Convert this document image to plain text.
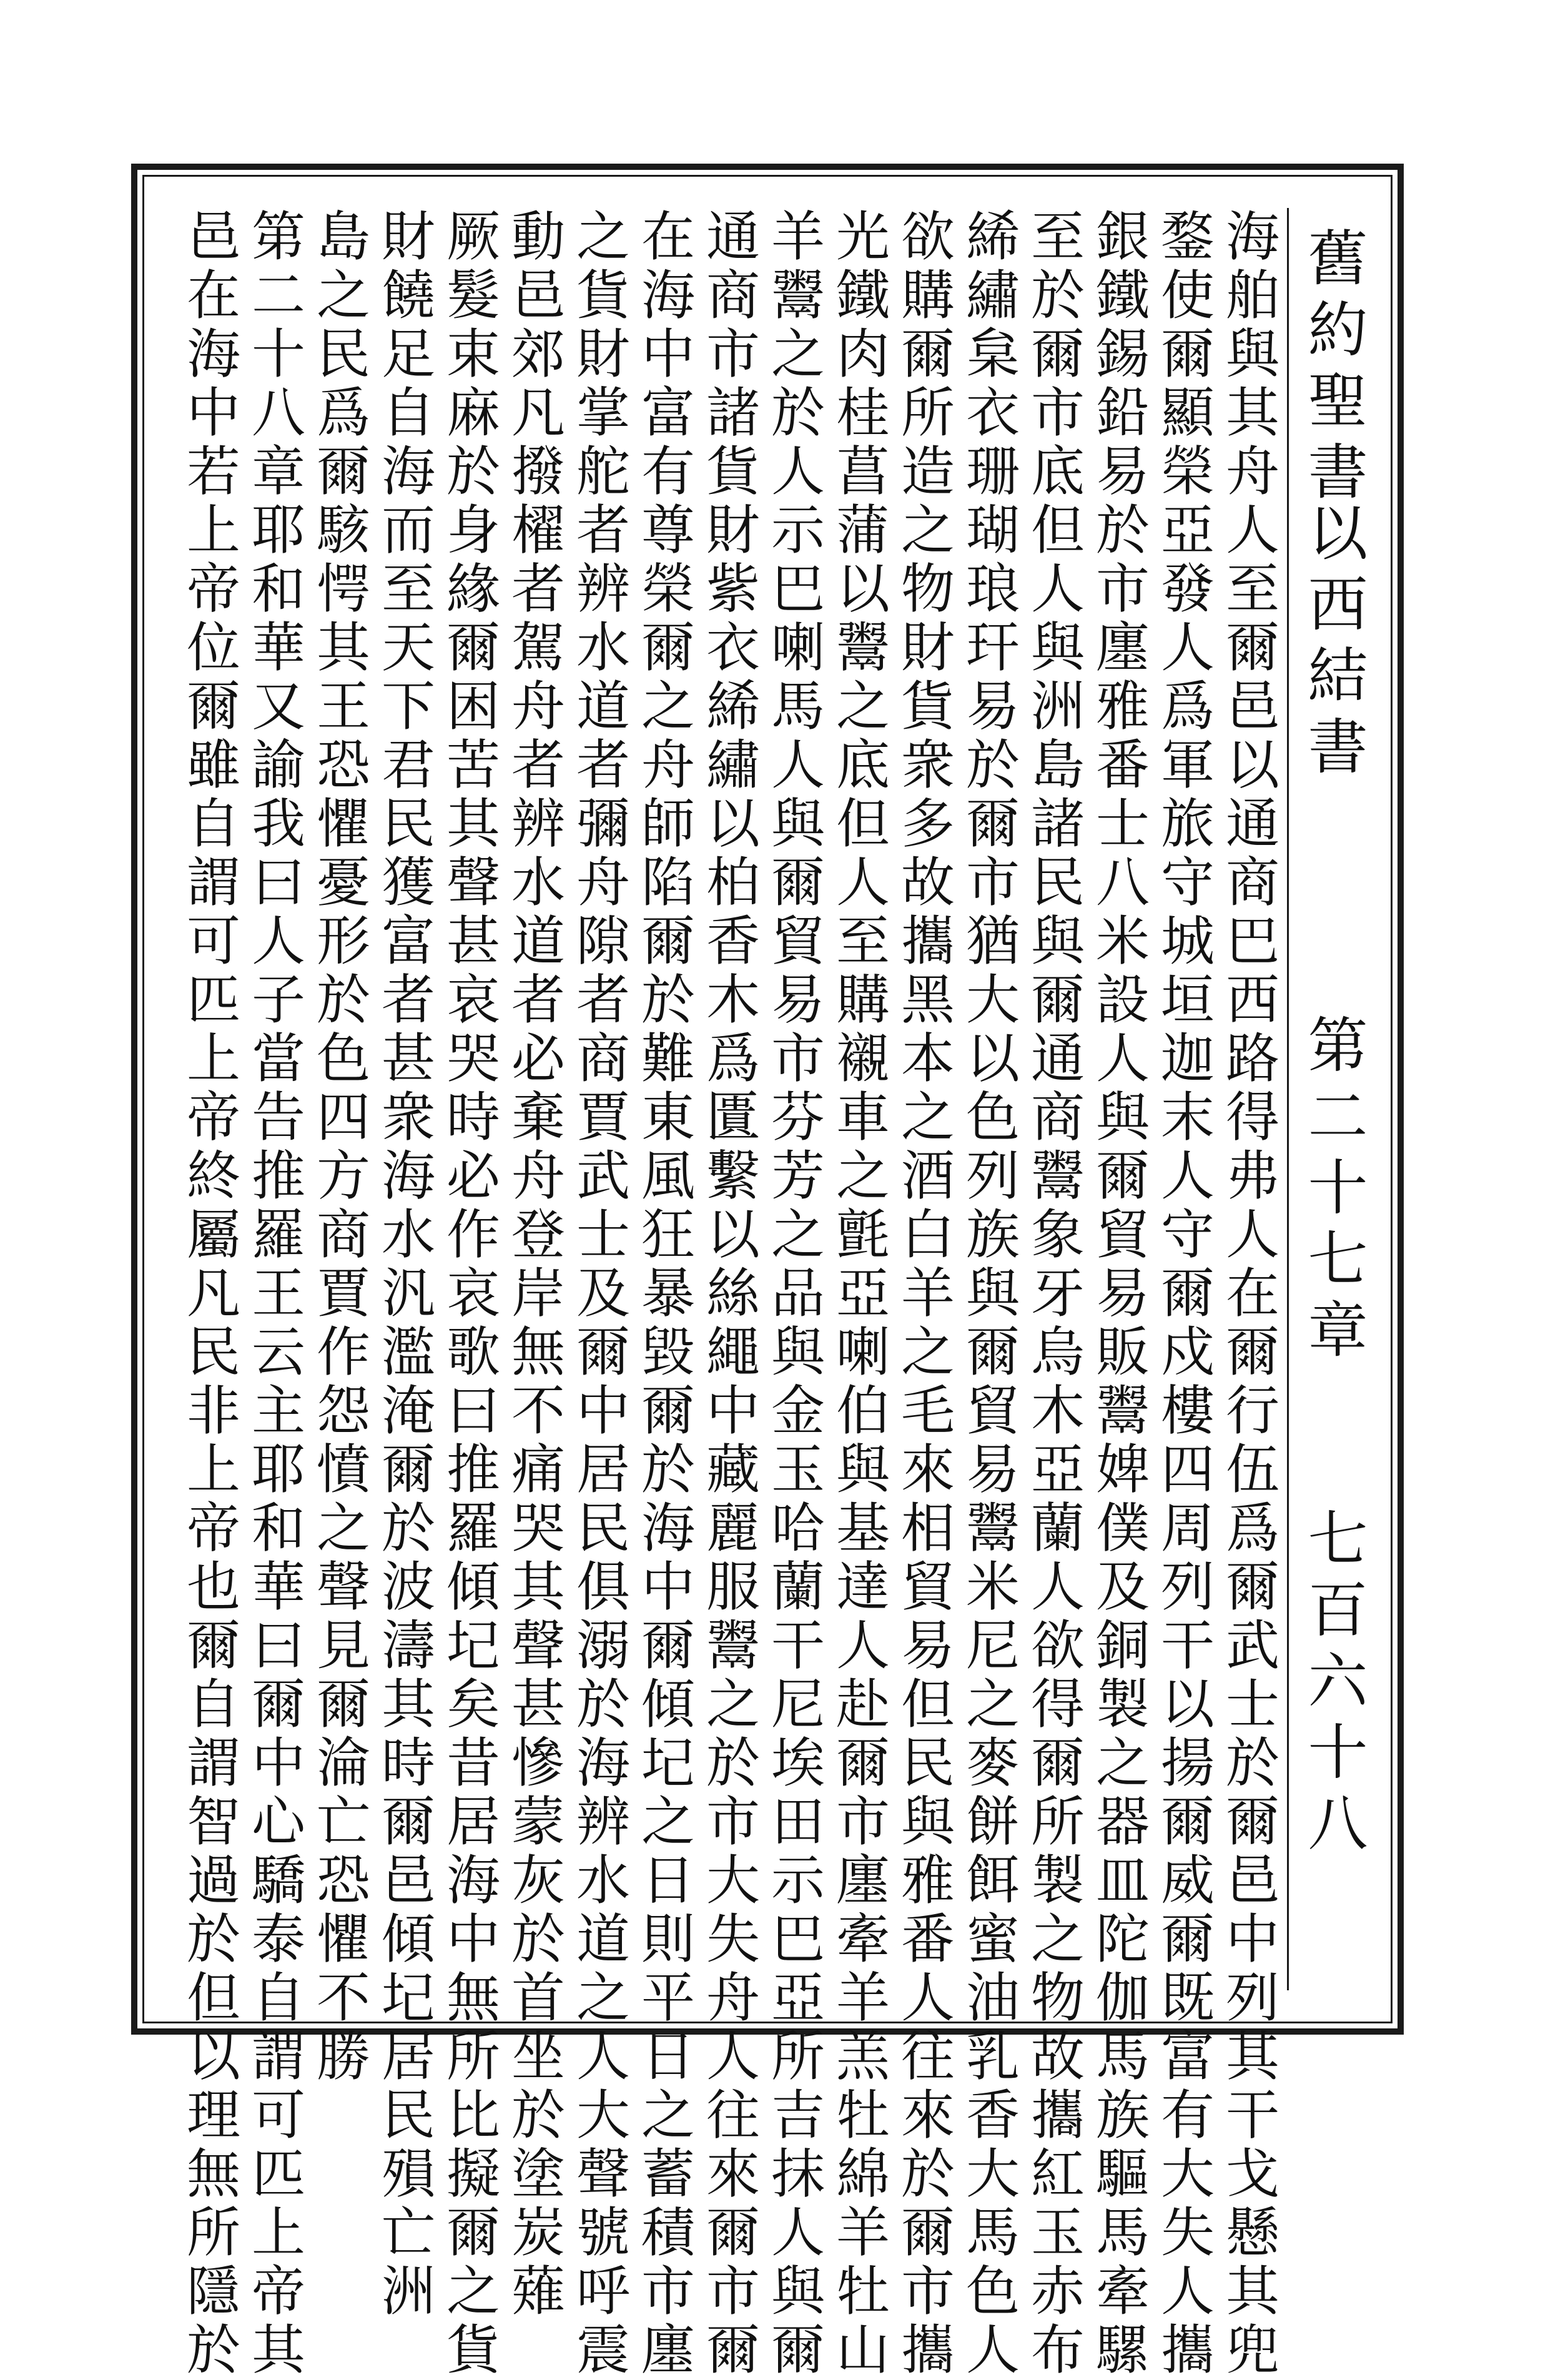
舊約聖書
以西結書
第二十七章
七百六十八
海舶與其舟人至爾邑以通商巴西路得弗人在爾行伍爲爾武士於爾邑中列其干戈懸其兜
鍪使爾顯榮亞發人爲軍旅守城垣迦末人守爾戍樓四周列干以揚爾威爾既富有大失人攜
銀鐵錫鉛易於市廛雅番士八米設人與爾貿易販鬻婢僕及銅製之器皿陀伽馬族驅馬牽騾
至於爾市底但人與洲島諸民與爾通商鬻象牙烏木亞蘭人欲得爾所製之物故攜紅玉赤布
絺繡枲衣珊瑚琅玕易於爾市猶大以色列族與爾貿易鬻米尼之麥餅餌蜜油乳香大馬色人
欲購爾所造之物財貨衆多故攜黑本之酒白羊之毛來相貿易但民與雅番人往來於爾市攜
光鐵肉桂菖蒲以鬻之底但人至購襯車之氈亞喇伯與基達人赴爾市廛牽羊羔牡綿羊牡山
羊鬻之於人示巴喇馬人與爾貿易市芬芳之品與金玉哈蘭干尼埃田示巴亞所吉抹人與爾
通商市諸貨財紫衣絺繡以柏香木爲匱繫以絲繩中藏麗服鬻之於市大失舟人往來爾市爾
在海中富有尊榮爾之舟師陷爾於難東風狂暴毀爾於海中爾傾圮之日則平日之蓄積市廛
之貨財掌舵者辨水道者彌舟隙者商賈武士及爾中居民俱溺於海辨水道之人大聲號呼震
動邑郊凡撥櫂者駕舟者辨水道者必棄舟登岸無不痛哭其聲甚慘蒙灰於首坐於塗炭薙
厥髮束麻於身緣爾困苦其聲甚哀哭時必作哀歌曰推羅傾圮矣昔居海中無所比擬爾之貨
財饒足自海而至天下君民獲富者甚衆海水汎濫淹爾於波濤其時爾邑傾圮居民殞亡洲
島之民爲爾駭愕其王恐懼憂形於色四方商賈作怨憤之聲見爾淪亡恐懼不勝
第二十八章耶和華又諭我曰人子當告推羅王云主耶和華曰爾中心驕泰自謂可匹上帝其
邑在海中若上帝位爾雖自謂可匹上帝終屬凡民非上帝也爾自謂智過於但以理無所隱於
